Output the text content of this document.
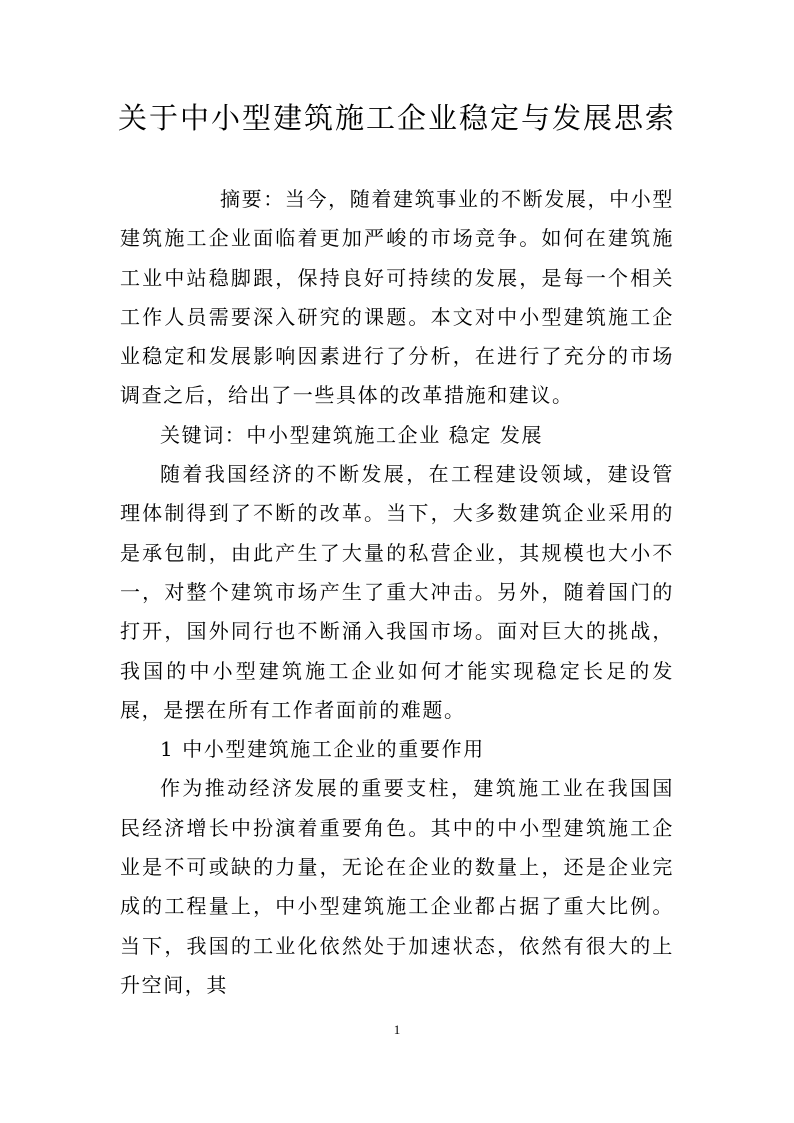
关于中小型建筑施工企业稳定与发展思索

摘要：当今，随着建筑事业的不断发展，中小型建筑施工企业面临着更加严峻的市场竞争。如何在建筑施工业中站稳脚跟，保持良好可持续的发展，是每一个相关工作人员需要深入研究的课题。本文对中小型建筑施工企业稳定和发展影响因素进行了分析，在进行了充分的市场调查之后，给出了一些具体的改革措施和建议。

关键词：中小型建筑施工企业 稳定 发展

随着我国经济的不断发展，在工程建设领域，建设管理体制得到了不断的改革。当下，大多数建筑企业采用的是承包制，由此产生了大量的私营企业，其规模也大小不一，对整个建筑市场产生了重大冲击。另外，随着国门的打开，国外同行也不断涌入我国市场。面对巨大的挑战，我国的中小型建筑施工企业如何才能实现稳定长足的发展，是摆在所有工作者面前的难题。

1 中小型建筑施工企业的重要作用

作为推动经济发展的重要支柱，建筑施工业在我国国民经济增长中扮演着重要角色。其中的中小型建筑施工企业是不可或缺的力量，无论在企业的数量上，还是企业完成的工程量上，中小型建筑施工企业都占据了重大比例。当下，我国的工业化依然处于加速状态，依然有很大的上升空间，其

1
